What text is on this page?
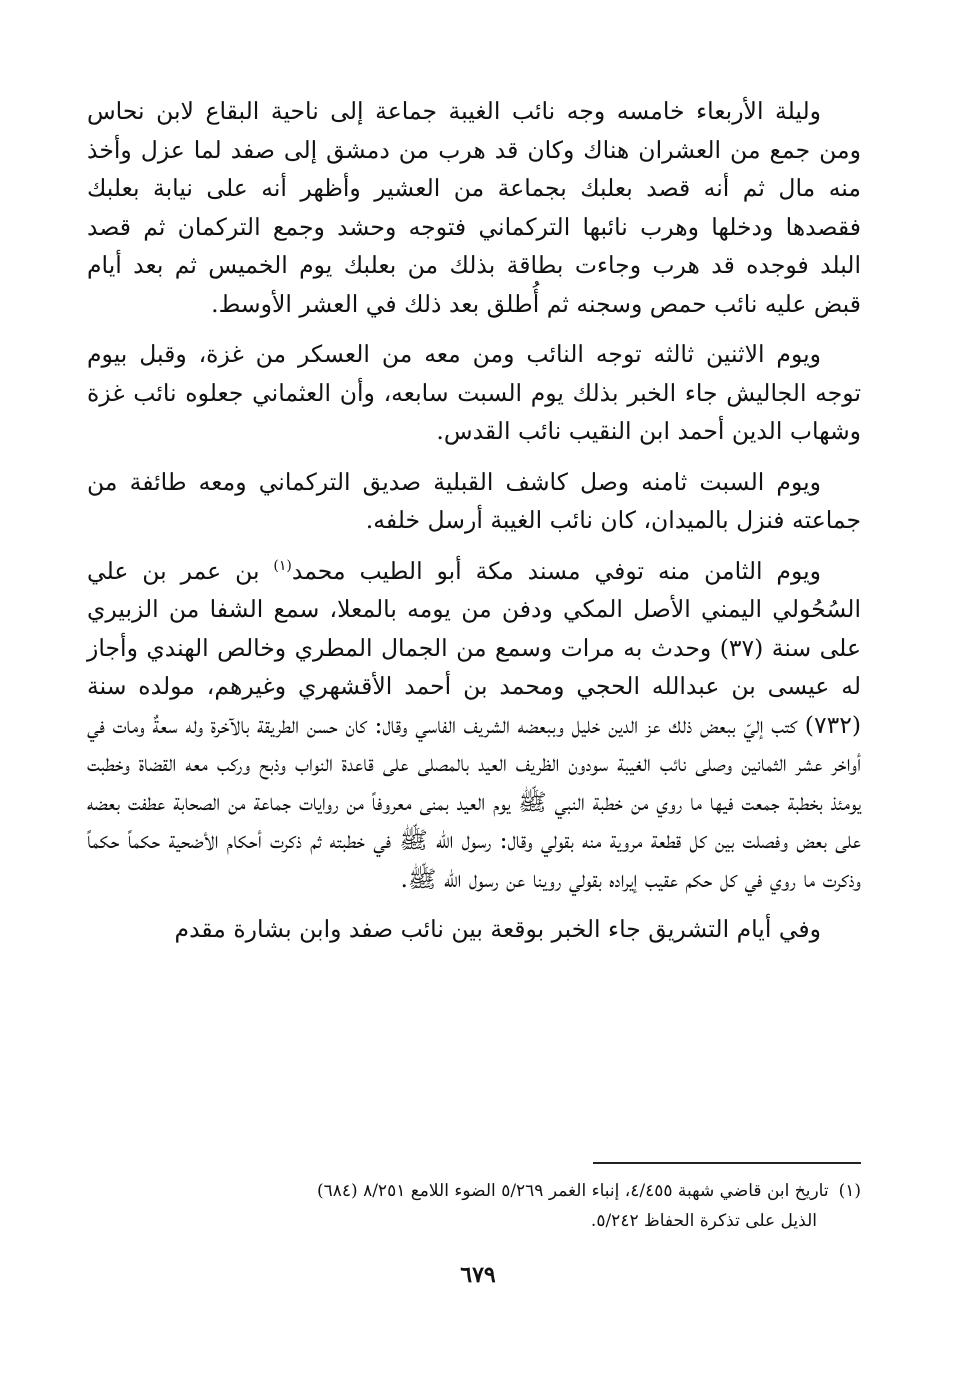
وليلة الأربعاء خامسه وجه نائب الغيبة جماعة إلى ناحية البقاع لابن نحاس ومن جمع من العشران هناك وكان قد هرب من دمشق إلى صفد لما عزل وأخذ منه مال ثم أنه قصد بعلبك بجماعة من العشير وأظهر أنه على نيابة بعلبك فقصدها ودخلها وهرب نائبها التركماني فتوجه وحشد وجمع التركمان ثم قصد البلد فوجده قد هرب وجاءت بطاقة بذلك من بعلبك يوم الخميس ثم بعد أيام قبض عليه نائب حمص وسجنه ثم أُطلق بعد ذلك في العشر الأوسط.

ويوم الاثنين ثالثه توجه النائب ومن معه من العسكر من غزة، وقبل بيوم توجه الجاليش جاء الخبر بذلك يوم السبت سابعه، وأن العثماني جعلوه نائب غزة وشهاب الدين أحمد ابن النقيب نائب القدس.

ويوم السبت ثامنه وصل كاشف القبلية صديق التركماني ومعه طائفة من جماعته فنزل بالميدان، كان نائب الغيبة أرسل خلفه.

ويوم الثامن منه توفي مسند مكة أبو الطيب محمد$^{(١)}$ بن عمر بن علي السُحُولي اليمني الأصل المكي ودفن من يومه بالمعلا، سمع الشفا من الزبيري على سنة (٣٧) وحدث به مرات وسمع من الجمال المطري وخالص الهندي وأجاز له عيسى بن عبدالله الحجي ومحمد بن أحمد الأقشهري وغيرهم، مولده سنة (٧٣٢) كتب إليّ ببعض ذلك عز الدين خليل وببعضه الشريف الفاسي وقال: كان حسن الطريقة بالآخرة وله سعةٌ ومات في أواخر عشر الثمانين وصلى نائب الغيبة سودون الظريف العيد بالمصلى على قاعدة النواب وذبح وركب معه القضاة وخطبت يومئذ بخطبة جمعت فيها ما روي من خطبة النبي ﷺ يوم العيد بمنى معروفاً من روايات جماعة من الصحابة عطفت بعضه على بعض وفصلت بين كل قطعة مروية منه بقولي وقال: رسول الله ﷺ في خطبته ثم ذكرت أحكام الأضحية حكماً حكماً وذكرت ما روي في كل حكم عقيب إيراده بقولي روينا عن رسول الله ﷺ.

وفي أيام التشريق جاء الخبر بوقعة بين نائب صفد وابن بشارة مقدم

(١)تاريخ ابن قاضي شهبة ٤/٤٥٥، إنباء الغمر ٥/٢٦٩ الضوء اللامع ٨/٢٥١ (٦٨٤)
الذيل على تذكرة الحفاظ ٥/٢٤٢.
٦٧٩
